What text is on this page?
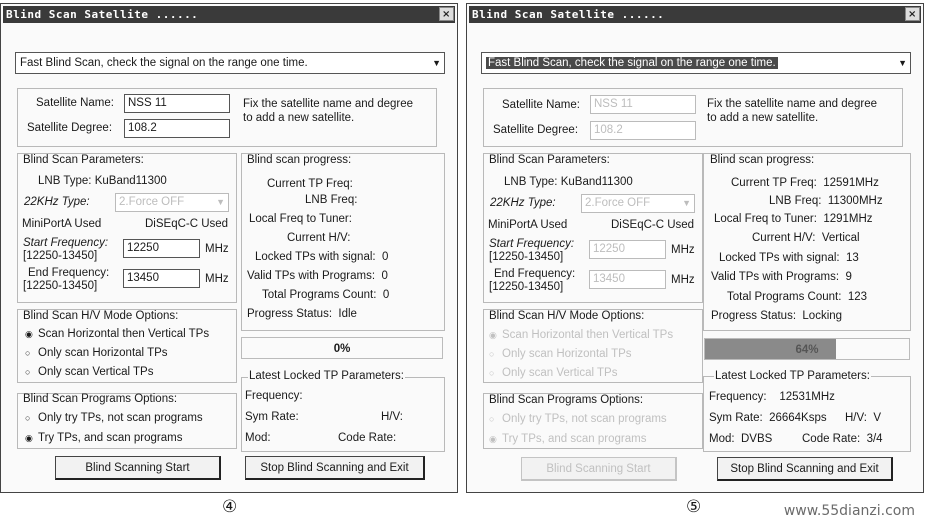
Blind Scan Satellite ......	×
Fast Blind Scan, check the signal on the range one time.	▼
Satellite Name:	NSS 11
Satellite Degree:	108.2
Fix the satellite name and degree
to add a new satellite.
Blind Scan Parameters:
LNB Type: KuBand11300
22KHz Type:	2.Force OFF	▼
MiniPortA Used	DiSEqC-C Used
Start Frequency:
[12250-13450]
12250	MHz
End Frequency:
[12250-13450]
13450	MHz
Blind scan progress:
Current TP Freq:
LNB Freq:
Local Freq to Tuner:
Current H/V:
Locked TPs with signal: 0
Valid TPs with Programs: 0
Total Programs Count: 0
Progress Status: Idle
0%
Blind Scan H/V Mode Options:
◉ Scan Horizontal then Vertical TPs
○ Only scan Horizontal TPs
○ Only scan Vertical TPs	Latest Locked TP Parameters:
Frequency:
Sym Rate:	H/V:
Mod:	Code Rate:
Blind Scan Programs Options:
○ Only try TPs, not scan programs
◉ Try TPs, and scan programs
Blind Scanning Start	Stop Blind Scanning and Exit
Blind Scan Satellite ......	×
Fast Blind Scan, check the signal on the range one time.	▼
Satellite Name:	NSS 11
Satellite Degree:	108.2
Fix the satellite name and degree
to add a new satellite.
Blind Scan Parameters:
LNB Type: KuBand11300
22KHz Type:	2.Force OFF	▼
MiniPortA Used	DiSEqC-C Used
Start Frequency:
[12250-13450]
12250	MHz
End Frequency:
[12250-13450]
13450	MHz
Blind scan progress:
Current TP Freq: 12591MHz
LNB Freq: 11300MHz
Local Freq to Tuner: 1291MHz
Current H/V: Vertical
Locked TPs with signal: 13
Valid TPs with Programs: 9
Total Programs Count: 123
Progress Status: Locking
64%
Blind Scan H/V Mode Options:
◉ Scan Horizontal then Vertical TPs
○ Only scan Horizontal TPs
○ Only scan Vertical TPs	Latest Locked TP Parameters:
Frequency: 12531MHz
Sym Rate: 26664Ksps H/V: V
Mod: DVBS	Code Rate: 3/4
Blind Scan Programs Options:
○ Only try TPs, not scan programs
◉ Try TPs, and scan programs
Blind Scanning Start	Stop Blind Scanning and Exit
④	⑤	www.55dianzi.com
